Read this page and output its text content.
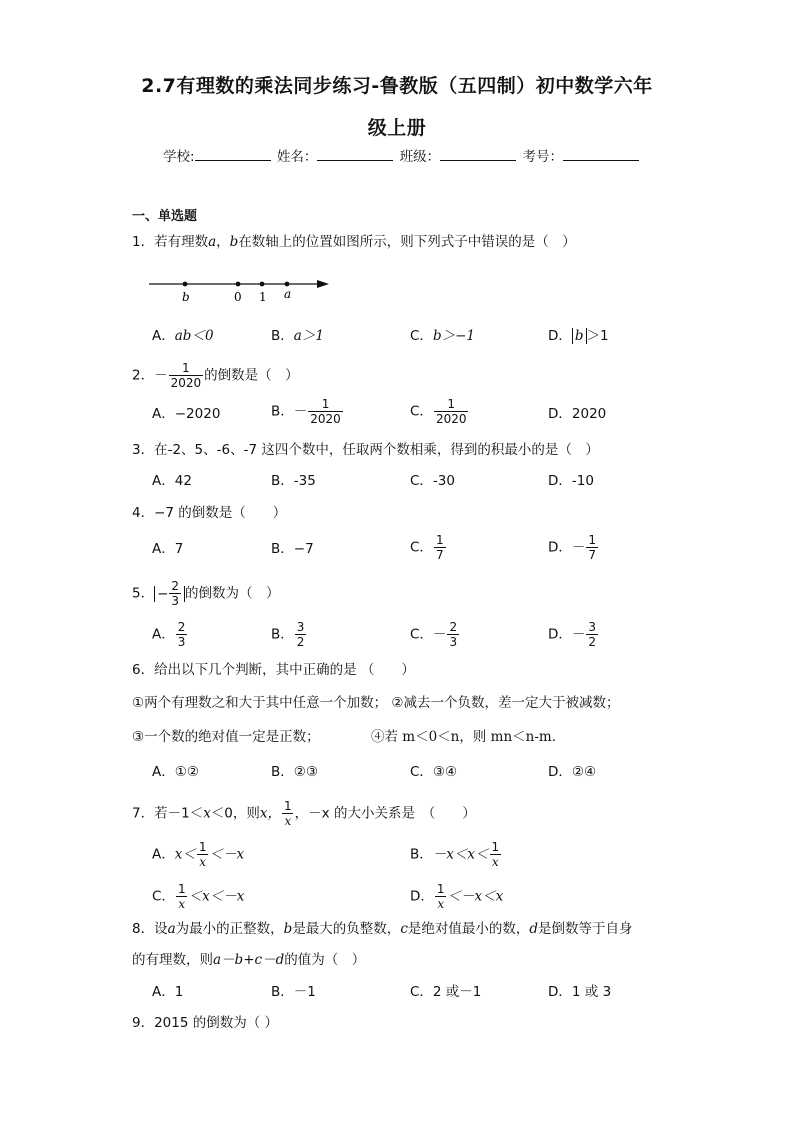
2.7有理数的乘法同步练习-鲁教版（五四制）初中数学六年
级上册
学校:	姓名：	班级：	考号：
一、单选题
1．若有理数a，b在数轴上的位置如图所示，则下列式子中错误的是（　）
b	0 1 a
A．ab＜0	B．a＞1	C．b＞−1	D． b ＞1
2．－ $\frac{1}{2020}$ 的倒数是（　）
A．−2020	B．－ $\frac{1}{2020}$	C． $\frac{1}{2020}$	D．2020
3．在-2、5、-6、-7 这四个数中，任取两个数相乘，得到的积最小的是（　）
A．42	B．-35	C．-30	D．-10
4．−7 的倒数是（　　）
A．7	B．−7	C． $\frac{1}{7}$	D．－ $\frac{1}{7}$
5． − $\frac{2}{3}$ 的倒数为（　）
A． $\frac{2}{3}$	B． $\frac{3}{2}$	C．－ $\frac{2}{3}$	D．－ $\frac{3}{2}$
6．给出以下几个判断，其中正确的是 （　　）
①两个有理数之和大于其中任意一个加数； ②减去一个负数，差一定大于被减数；
③一个数的绝对值一定是正数；	④若 m＜0＜n，则 mn＜n-m．
A．①②	B．②③	C．③④	D．②④
7．若－1＜x＜0，则x， $\frac{1}{x}$ ，－x 的大小关系是　（　　）
A．$x< \frac{1}{x} <-x$	B．$-x<x< \frac{1}{x}$
C． $\frac{1}{x} <x<-x$	D． $\frac{1}{x} <-x<x$
8．设a为最小的正整数，b是最大的负整数，c是绝对值最小的数，d是倒数等于自身
的有理数，则a－b+c－d的值为（　）
A．1	B．－1	C．2 或－1	D．1 或 3
9．2015 的倒数为（ ）
